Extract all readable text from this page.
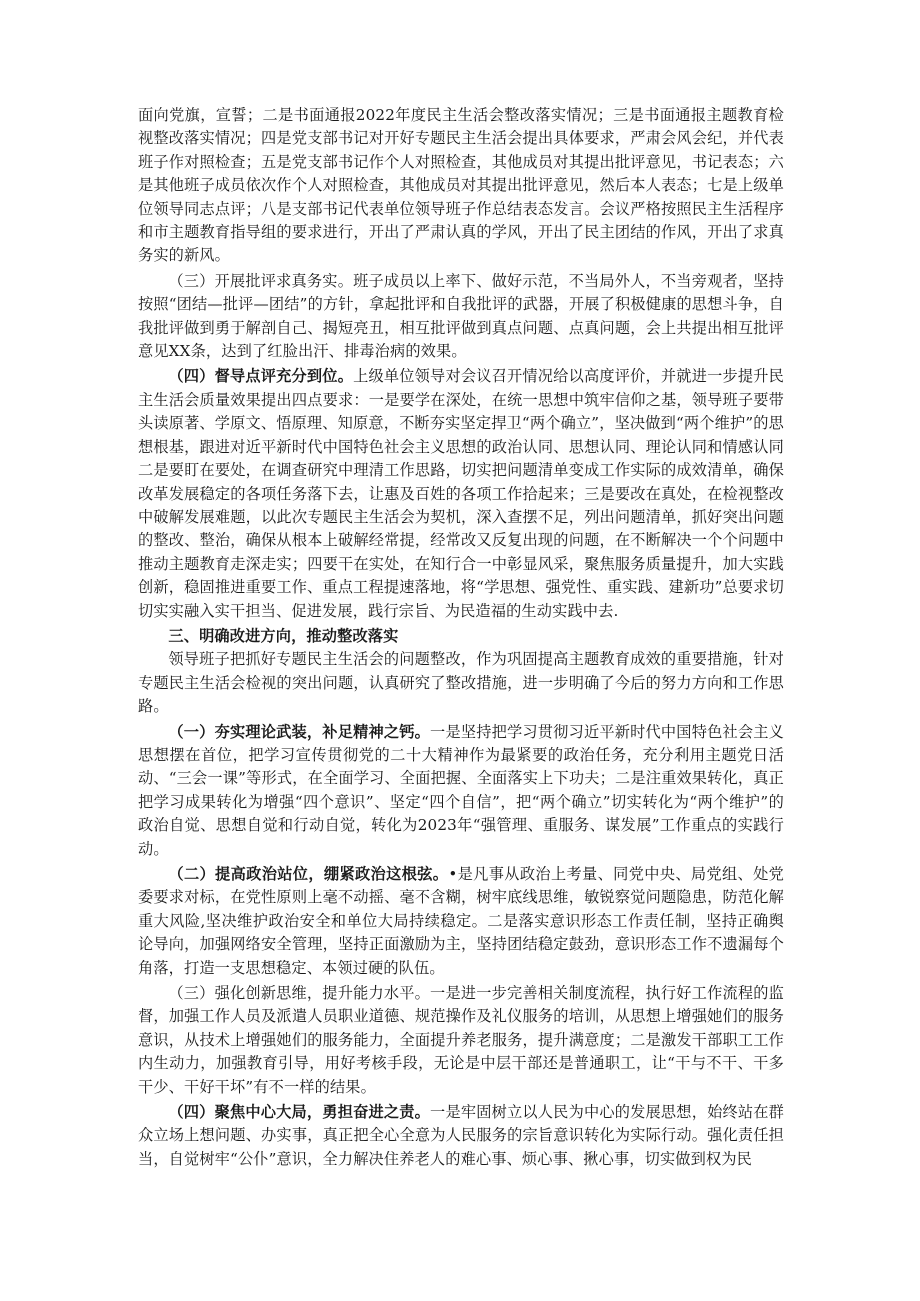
面向党旗，宣誓；二是书面通报2022年度民主生活会整改落实情况；三是书面通报主题教育检视整改落实情况；四是党支部书记对开好专题民主生活会提出具体要求，严肃会风会纪，并代表班子作对照检查；五是党支部书记作个人对照检查，其他成员对其提出批评意见，书记表态；六是其他班子成员依次作个人对照检查，其他成员对其提出批评意见，然后本人表态；七是上级单位领导同志点评；八是支部书记代表单位领导班子作总结表态发言。会议严格按照民主生活程序和市主题教育指导组的要求进行，开出了严肃认真的学风，开出了民主团结的作风，开出了求真务实的新风。

（三）开展批评求真务实。班子成员以上率下、做好示范，不当局外人，不当旁观者，坚持按照“团结—批评—团结”的方针，拿起批评和自我批评的武器，开展了积极健康的思想斗争，自我批评做到勇于解剖自己、揭短亮丑，相互批评做到真点问题、点真问题，会上共提出相互批评意见XX条，达到了红脸出汗、排毒治病的效果。

（四）督导点评充分到位。上级单位领导对会议召开情况给以高度评价，并就进一步提升民主生活会质量效果提出四点要求：一是要学在深处，在统一思想中筑牢信仰之基，领导班子要带头读原著、学原文、悟原理、知原意，不断夯实坚定捍卫“两个确立”，坚决做到“两个维护”的思想根基，跟进对近平新时代中国特色社会主义思想的政治认同、思想认同、理论认同和情感认同 二是要盯在要处，在调查研究中理清工作思路，切实把问题清单变成工作实际的成效清单，确保改革发展稳定的各项任务落下去，让惠及百姓的各项工作拾起来；三是要改在真处，在检视整改中破解发展难题，以此次专题民主生活会为契机，深入查摆不足，列出问题清单，抓好突出问题的整改、整治，确保从根本上破解经常提，经常改又反复出现的问题，在不断解决一个个问题中推动主题教育走深走实；四要干在实处，在知行合一中彰显风采，聚焦服务质量提升，加大实践创新，稳固推进重要工作、重点工程提速落地，将“学思想、强党性、重实践、建新功”总要求切切实实融入实干担当、促进发展，践行宗旨、为民造福的生动实践中去.

三、明确改进方向，推动整改落实

领导班子把抓好专题民主生活会的问题整改，作为巩固提高主题教育成效的重要措施，针对专题民主生活会检视的突出问题，认真研究了整改措施，进一步明确了今后的努力方向和工作思路。

（一）夯实理论武装，补足精神之钙。一是坚持把学习贯彻习近平新时代中国特色社会主义思想摆在首位，把学习宣传贯彻党的二十大精神作为最紧要的政治任务，充分利用主题党日活动、“三会一课”等形式，在全面学习、全面把握、全面落实上下功夫；二是注重效果转化，真正把学习成果转化为增强“四个意识”、坚定“四个自信”，把“两个确立”切实转化为“两个维护”的政治自觉、思想自觉和行动自觉，转化为2023年“强管理、重服务、谋发展”工作重点的实践行动。

（二）提高政治站位，绷紧政治这根弦。•是凡事从政治上考量、同党中央、局党组、处党委要求对标，在党性原则上毫不动摇、毫不含糊，树牢底线思维，敏锐察觉问题隐患，防范化解重大风险,坚决维护政治安全和单位大局持续稳定。二是落实意识形态工作责任制，坚持正确舆论导向，加强网络安全管理，坚持正面激励为主，坚持团结稳定鼓劲，意识形态工作不遗漏每个角落，打造一支思想稳定、本领过硬的队伍。

（三）强化创新思维，提升能力水平。一是进一步完善相关制度流程，执行好工作流程的监督，加强工作人员及派遣人员职业道德、规范操作及礼仪服务的培训，从思想上增强她们的服务意识，从技术上增强她们的服务能力，全面提升养老服务，提升满意度；二是激发干部职工工作内生动力，加强教育引导，用好考核手段，无论是中层干部还是普通职工，让“干与不干、干多干少、干好干坏”有不一样的结果。

（四）聚焦中心大局，勇担奋进之责。一是牢固树立以人民为中心的发展思想，始终站在群众立场上想问题、办实事，真正把全心全意为人民服务的宗旨意识转化为实际行动。强化责任担当，自觉树牢“公仆”意识，全力解决住养老人的难心事、烦心事、揪心事，切实做到权为民
